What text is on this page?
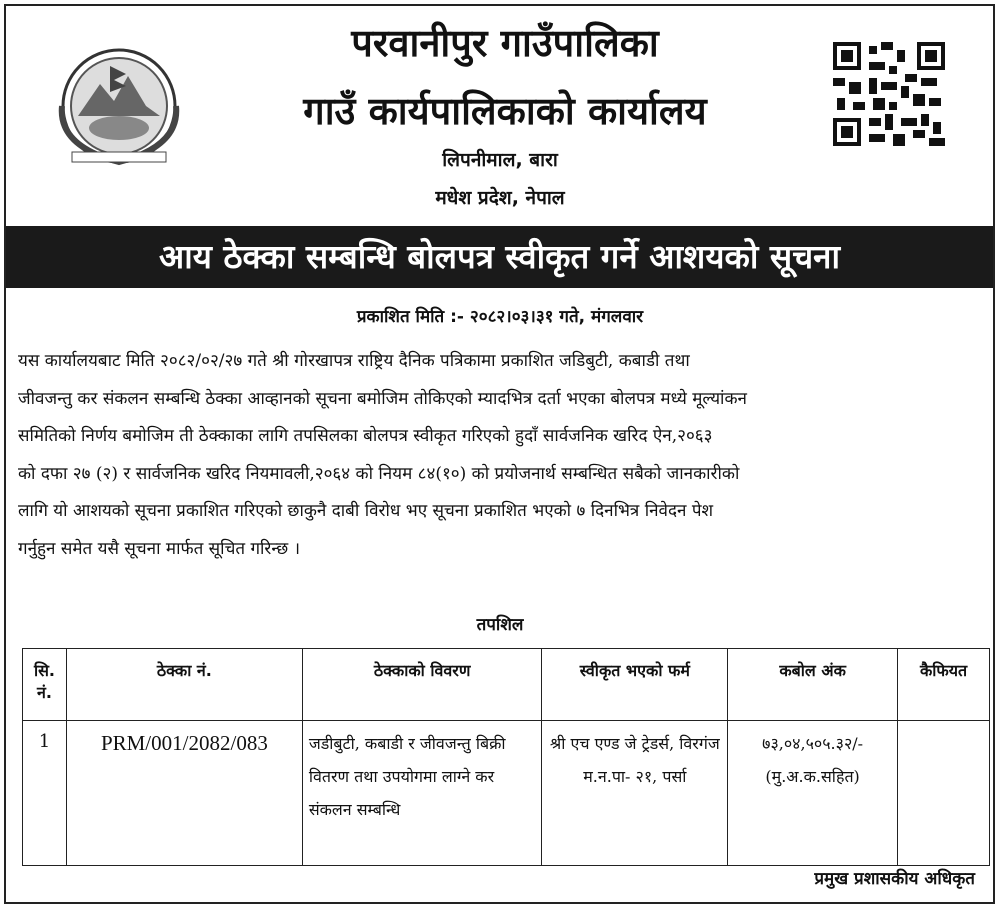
परवानीपुर गाउँपालिका
गाउँ कार्यपालिकाको कार्यालय
लिपनीमाल, बारा
मधेश प्रदेश, नेपाल
आय ठेक्का सम्बन्धि बोलपत्र स्वीकृत गर्ने आशयको सूचना
प्रकाशित मिति :- २०८२।०३।३१ गते, मंगलवार
यस कार्यालयबाट मिति २०८२/०२/२७ गते श्री गोरखापत्र राष्ट्रिय दैनिक पत्रिकामा प्रकाशित जडिबुटी, कबाडी तथा
जीवजन्तु कर संकलन सम्बन्धि ठेक्का आव्हानको सूचना बमोजिम तोकिएको म्यादभित्र दर्ता भएका बोलपत्र मध्ये मूल्यांकन
समितिको निर्णय बमोजिम ती ठेक्काका लागि तपसिलका बोलपत्र स्वीकृत गरिएको हुदाँ सार्वजनिक खरिद ऐन,२०६३
को दफा २७ (२) र सार्वजनिक खरिद नियमावली,२०६४ को नियम ८४(१०) को प्रयोजनार्थ सम्बन्धित सबैको जानकारीको
लागि यो आशयको सूचना प्रकाशित गरिएको छाकुनै दाबी विरोध भए सूचना प्रकाशित भएको ७ दिनभित्र निवेदन पेश
गर्नुहुन समेत यसै सूचना मार्फत सूचित गरिन्छ ।
तपशिल
सि. नं.	ठेक्का नं.	ठेक्काको विवरण	स्वीकृत भएको फर्म	कबोल अंक	कैफियत
1	PRM/001/2082/083	जडीबुटी, कबाडी र जीवजन्तु बिक्री वितरण तथा उपयोगमा लाग्ने कर संकलन सम्बन्धि	श्री एच एण्ड जे ट्रेडर्स, विरगंज म.न.पा- २१, पर्सा	७३,०४,५०५.३२/-
(मु.अ.क.सहित)	

प्रमुख प्रशासकीय अधिकृत
